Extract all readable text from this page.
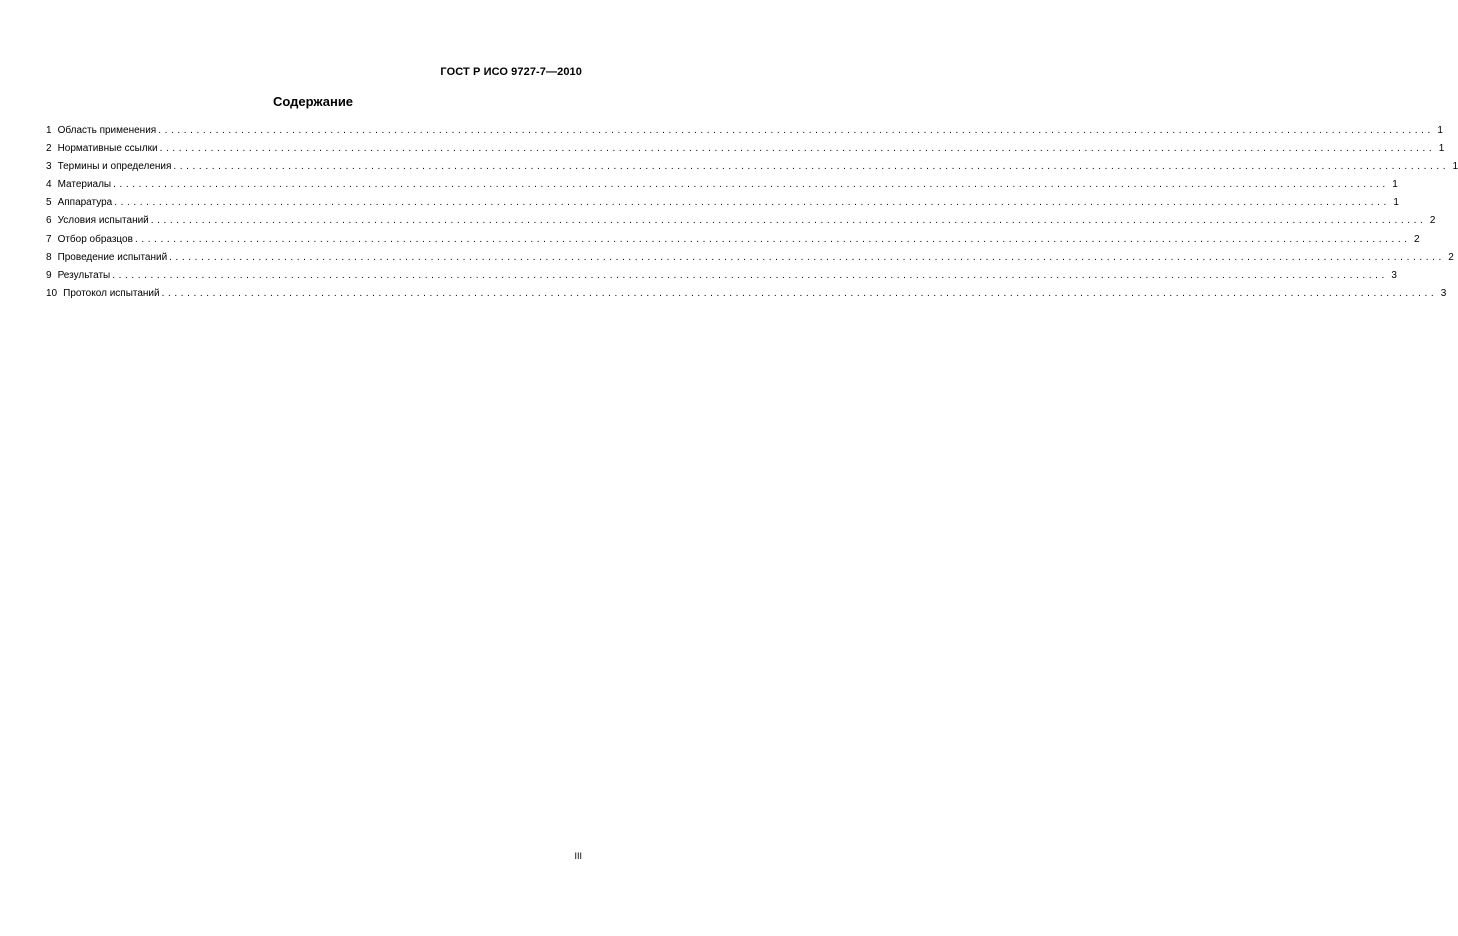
ГОСТ Р ИСО 9727-7—2010
Содержание
1 Область применения ........................................................................................................................................................................................................ 1
2 Нормативные ссылки ........................................................................................................................................................................................................ 1
3 Термины и определения ........................................................................................................................................................................................................ 1
4 Материалы ........................................................................................................................................................................................................ 1
5 Аппаратура ........................................................................................................................................................................................................ 1
6 Условия испытаний ........................................................................................................................................................................................................ 2
7 Отбор образцов ........................................................................................................................................................................................................ 2
8 Проведение испытаний ........................................................................................................................................................................................................ 2
9 Результаты ........................................................................................................................................................................................................ 3
10 Протокол испытаний ........................................................................................................................................................................................................ 3
III
